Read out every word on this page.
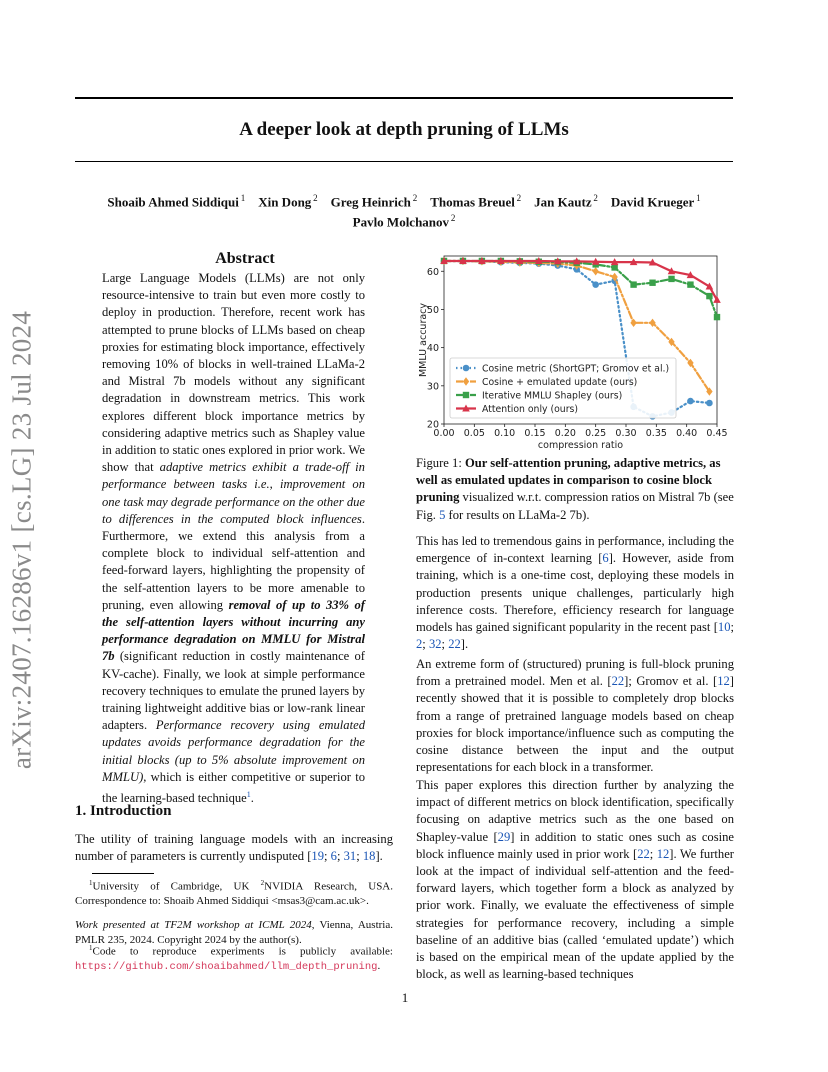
A deeper look at depth pruning of LLMs
Shoaib Ahmed Siddiqui $^1$  Xin Dong $^2$  Greg Heinrich $^2$  Thomas Breuel $^2$  Jan Kautz $^2$  David Krueger $^1$
Pavlo Molchanov $^2$
arXiv:2407.16286v1 [cs.LG] 23 Jul 2024
Abstract
Large Language Models (LLMs) are not only resource-intensive to train but even more costly to deploy in production. Therefore, recent work has attempted to prune blocks of LLMs based on cheap proxies for estimating block importance, effectively removing 10% of blocks in well-trained LLaMa-2 and Mistral 7b models without any significant degradation in downstream metrics. This work explores different block importance metrics by considering adaptive metrics such as Shapley value in addition to static ones explored in prior work. We show that adaptive metrics exhibit a trade-off in performance between tasks i.e., improvement on one task may degrade performance on the other due to differences in the computed block influences. Furthermore, we extend this analysis from a complete block to individual self-attention and feed-forward layers, highlighting the propensity of the self-attention layers to be more amenable to pruning, even allowing removal of up to 33% of the self-attention layers without incurring any performance degradation on MMLU for Mistral 7b (significant reduction in costly maintenance of KV-cache). Finally, we look at simple performance recovery techniques to emulate the pruned layers by training lightweight additive bias or low-rank linear adapters. Performance recovery using emulated updates avoids performance degradation for the initial blocks (up to 5% absolute improvement on MMLU), which is either competitive or superior to the learning-based technique$^1$.
1. Introduction
The utility of training language models with an increasing number of parameters is currently undisputed [19; 6; 31; 18].
$^1$University of Cambridge, UK $^2$NVIDIA Research, USA. Correspondence to: Shoaib Ahmed Siddiqui <msas3@cam.ac.uk>.
Work presented at TF2M workshop at ICML 2024, Vienna, Austria. PMLR 235, 2024. Copyright 2024 by the author(s).
$^1$Code to reproduce experiments is publicly available: https://github.com/shoaibahmed/llm_depth_pruning.
0.00 0.05 0.10 0.15 0.20 0.25 0.30 0.35 0.40 0.45
20
30
40
50
60
compression ratio
MMLU accuracy	Cosine metric (ShortGPT; Gromov et al.)
Cosine + emulated update (ours)
Iterative MMLU Shapley (ours)
Attention only (ours)
Figure 1: Our self-attention pruning, adaptive metrics, as well as emulated updates in comparison to cosine block pruning visualized w.r.t. compression ratios on Mistral 7b (see Fig. 5 for results on LLaMa-2 7b).
This has led to tremendous gains in performance, including the emergence of in-context learning [6]. However, aside from training, which is a one-time cost, deploying these models in production presents unique challenges, particularly high inference costs. Therefore, efficiency research for language models has gained significant popularity in the recent past [10; 2; 32; 22].
An extreme form of (structured) pruning is full-block pruning from a pretrained model. Men et al. [22]; Gromov et al. [12] recently showed that it is possible to completely drop blocks from a range of pretrained language models based on cheap proxies for block importance/influence such as computing the cosine distance between the input and the output representations for each block in a transformer.
This paper explores this direction further by analyzing the impact of different metrics on block identification, specifically focusing on adaptive metrics such as the one based on Shapley-value [29] in addition to static ones such as cosine block influence mainly used in prior work [22; 12]. We further look at the impact of individual self-attention and the feed-forward layers, which together form a block as analyzed by prior work. Finally, we evaluate the effectiveness of simple strategies for performance recovery, including a simple baseline of an additive bias (called ‘emulated update’) which is based on the empirical mean of the update applied by the block, as well as learning-based techniques
1
